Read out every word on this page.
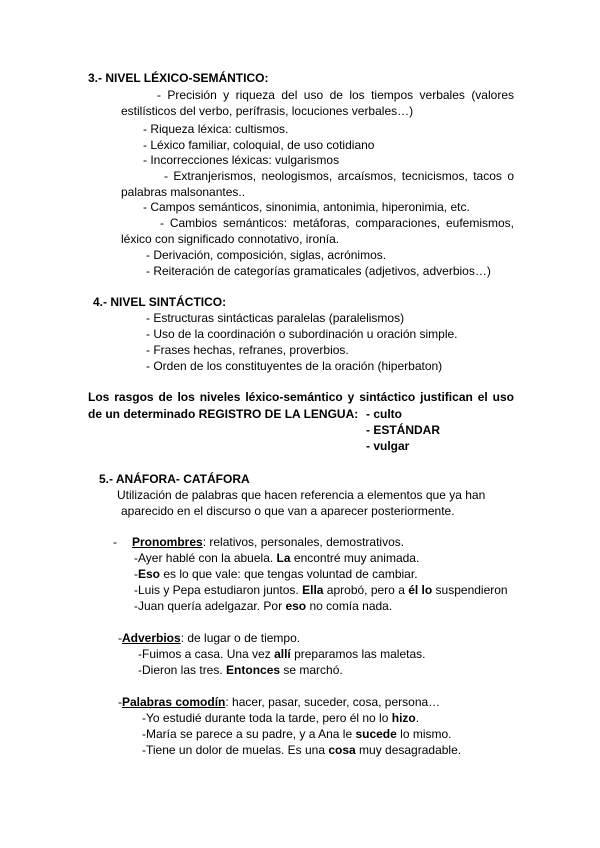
3.- NIVEL LÉXICO-SEMÁNTICO:
- Precisión y riqueza del uso de los tiempos verbales (valores
estilísticos del verbo, perífrasis, locuciones verbales…)
- Riqueza léxica: cultismos.
- Léxico familiar, coloquial, de uso cotidiano
- Incorrecciones léxicas: vulgarismos
- Extranjerismos, neologismos, arcaísmos, tecnicismos, tacos o
palabras malsonantes..
- Campos semánticos, sinonimia, antonimia, hiperonimia, etc.
- Cambios semánticos: metáforas, comparaciones, eufemismos,
léxico con significado connotativo, ironía.
- Derivación, composición, siglas, acrónimos.
- Reiteración de categorías gramaticales (adjetivos, adverbios…)
4.- NIVEL SINTÁCTICO:
- Estructuras sintácticas paralelas (paralelismos)
- Uso de la coordinación o subordinación u oración simple.
- Frases hechas, refranes, proverbios.
- Orden de los constituyentes de la oración (hiperbaton)
Los rasgos de los niveles léxico-semántico y sintáctico justifican el uso
de un determinado REGISTRO DE LA LENGUA: - culto
- ESTÁNDAR
- vulgar
5.- ANÁFORA- CATÁFORA
Utilización de palabras que hacen referencia a elementos que ya han
aparecido en el discurso o que van a aparecer posteriormente.
- Pronombres: relativos, personales, demostrativos.
-Ayer hablé con la abuela. La encontré muy animada.
-Eso es lo que vale: que tengas voluntad de cambiar.
-Luis y Pepa estudiaron juntos. Ella aprobó, pero a él lo suspendieron
-Juan quería adelgazar. Por eso no comía nada.
-Adverbios: de lugar o de tiempo.
-Fuimos a casa. Una vez allí preparamos las maletas.
-Dieron las tres. Entonces se marchó.
-Palabras comodín: hacer, pasar, suceder, cosa, persona…
-Yo estudié durante toda la tarde, pero él no lo hizo.
-María se parece a su padre, y a Ana le sucede lo mismo.
-Tiene un dolor de muelas. Es una cosa muy desagradable.
